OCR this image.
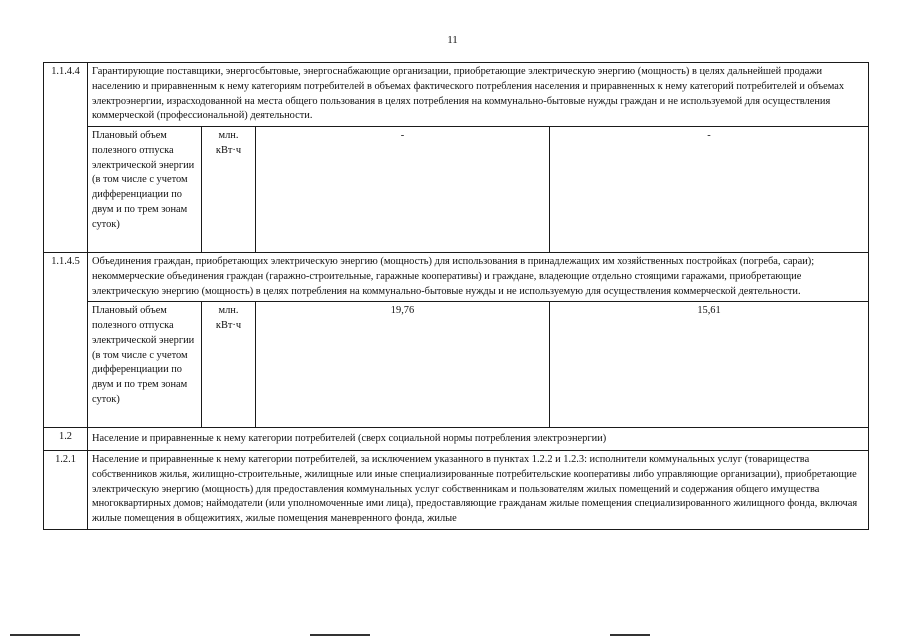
11
1.1.4.4	Гарантирующие поставщики, энергосбытовые, энергоснабжающие организации, приобретающие электрическую энергию (мощность) в целях дальнейшей продажи населению и приравненным к нему категориям потребителей в объемах фактического потребления населения и приравненных к нему категорий потребителей и объемах электроэнергии, израсходованной на места общего пользования в целях потребления на коммунально-бытовые нужды граждан и не используемой для осуществления коммерческой (профессиональной) деятельности.			
	Плановый объем полезного отпуска электрической энергии (в том числе с учетом дифференциации по двум и по трем зонам суток)	млн. кВт·ч	-	-
1.1.4.5	Объединения граждан, приобретающих электрическую энергию (мощность) для использования в принадлежащих им хозяйственных постройках (погреба, сараи); некоммерческие объединения граждан (гаражно-строительные, гаражные кооперативы) и граждане, владеющие отдельно стоящими гаражами, приобретающие электрическую энергию (мощность) в целях потребления на коммунально-бытовые нужды и не используемую для осуществления коммерческой деятельности.			
	Плановый объем полезного отпуска электрической энергии (в том числе с учетом дифференциации по двум и по трем зонам суток)	млн. кВт·ч	19,76	15,61
1.2	Население и приравненные к нему категории потребителей (сверх социальной нормы потребления электроэнергии)			
1.2.1	Население и приравненные к нему категории потребителей, за исключением указанного в пунктах 1.2.2 и 1.2.3: исполнители коммунальных услуг (товарищества собственников жилья, жилищно-строительные, жилищные или иные специализированные потребительские кооперативы либо управляющие организации), приобретающие электрическую энергию (мощность) для предоставления коммунальных услуг собственникам и пользователям жилых помещений и содержания общего имущества многоквартирных домов; наймодатели (или уполномоченные ими лица), предоставляющие гражданам жилые помещения специализированного жилищного фонда, включая жилые помещения в общежитиях, жилые помещения маневренного фонда, жилые			
